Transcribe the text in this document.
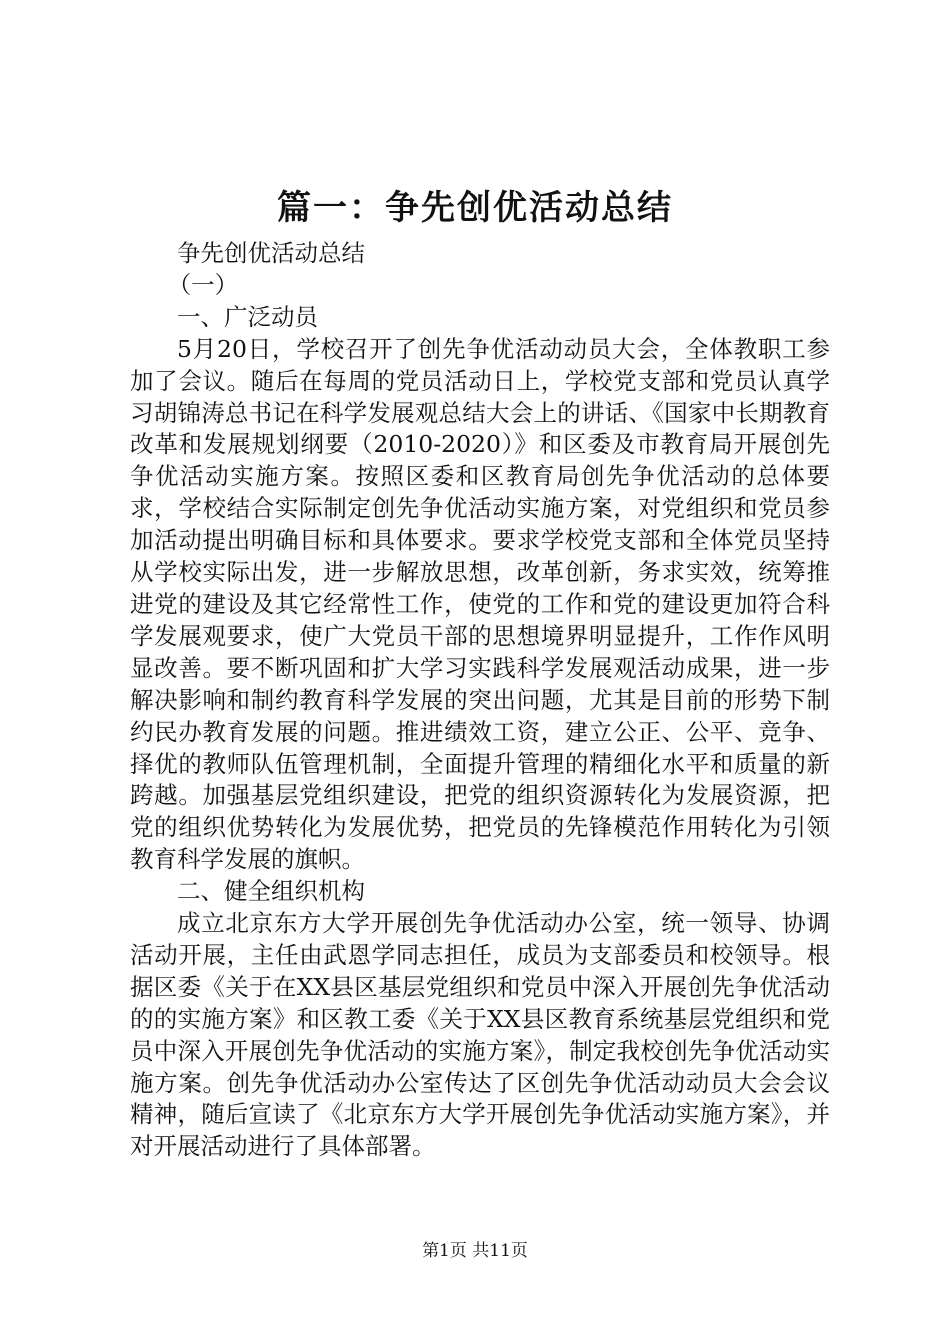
篇一：争先创优活动总结

争先创优活动总结

（一）

一、广泛动员

5月20日，学校召开了创先争优活动动员大会，全体教职工参加了会议。随后在每周的党员活动日上，学校党支部和党员认真学习胡锦涛总书记在科学发展观总结大会上的讲话、《国家中长期教育改革和发展规划纲要（2010-2020）》和区委及市教育局开展创先争优活动实施方案。按照区委和区教育局创先争优活动的总体要求，学校结合实际制定创先争优活动实施方案，对党组织和党员参加活动提出明确目标和具体要求。要求学校党支部和全体党员坚持从学校实际出发，进一步解放思想，改革创新，务求实效，统筹推进党的建设及其它经常性工作，使党的工作和党的建设更加符合科学发展观要求，使广大党员干部的思想境界明显提升，工作作风明显改善。要不断巩固和扩大学习实践科学发展观活动成果，进一步解决影响和制约教育科学发展的突出问题，尤其是目前的形势下制约民办教育发展的问题。推进绩效工资，建立公正、公平、竞争、择优的教师队伍管理机制，全面提升管理的精细化水平和质量的新跨越。加强基层党组织建设，把党的组织资源转化为发展资源，把党的组织优势转化为发展优势，把党员的先锋模范作用转化为引领教育科学发展的旗帜。

二、健全组织机构

成立北京东方大学开展创先争优活动办公室，统一领导、协调活动开展，主任由武恩学同志担任，成员为支部委员和校领导。根据区委《关于在XX县区基层党组织和党员中深入开展创先争优活动的的实施方案》和区教工委《关于XX县区教育系统基层党组织和党员中深入开展创先争优活动的实施方案》，制定我校创先争优活动实施方案。创先争优活动办公室传达了区创先争优活动动员大会会议精神，随后宣读了《北京东方大学开展创先争优活动实施方案》，并对开展活动进行了具体部署。

第1页 共11页
